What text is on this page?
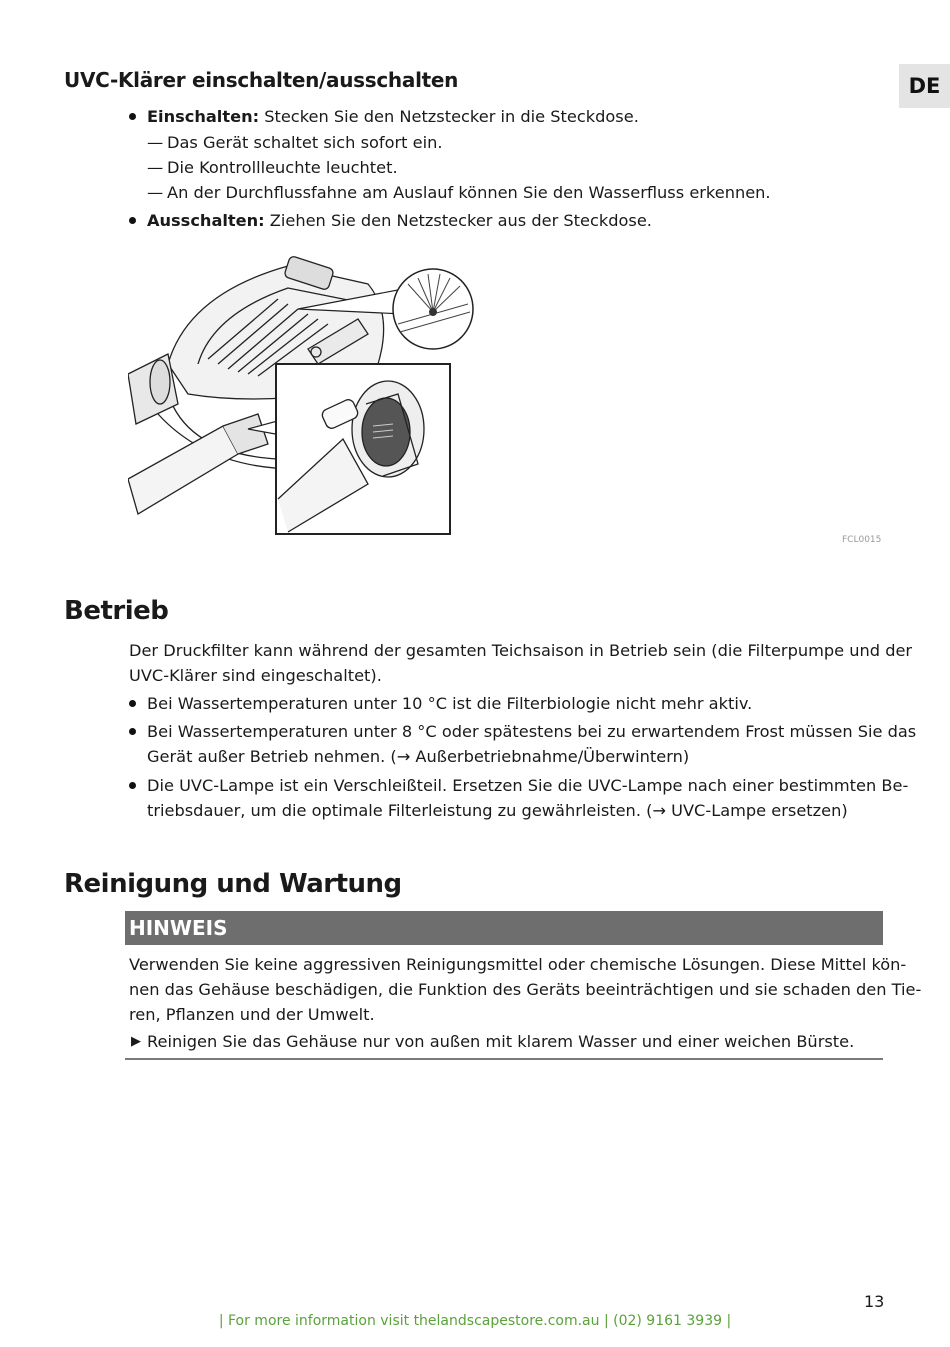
DE
UVC-Klärer einschalten/ausschalten
Einschalten: Stecken Sie den Netzstecker in die Steckdose.
— Das Gerät schaltet sich sofort ein.
— Die Kontrollleuchte leuchtet.
— An der Durchflussfahne am Auslauf können Sie den Wasserfluss erkennen.
Ausschalten: Ziehen Sie den Netzstecker aus der Steckdose.
FCL0015
Betrieb
Der Druckfilter kann während der gesamten Teichsaison in Betrieb sein (die Filterpumpe und der
UVC-Klärer sind eingeschaltet).
Bei Wassertemperaturen unter 10 °C ist die Filterbiologie nicht mehr aktiv.
Bei Wassertemperaturen unter 8 °C oder spätestens bei zu erwartendem Frost müssen Sie das
Gerät außer Betrieb nehmen. (→ Außerbetriebnahme/Überwintern)
Die UVC-Lampe ist ein Verschleißteil. Ersetzen Sie die UVC-Lampe nach einer bestimmten Be-
triebsdauer, um die optimale Filterleistung zu gewährleisten. (→ UVC-Lampe ersetzen)
Reinigung und Wartung
HINWEIS
Verwenden Sie keine aggressiven Reinigungsmittel oder chemische Lösungen. Diese Mittel kön-
nen das Gehäuse beschädigen, die Funktion des Geräts beeinträchtigen und sie schaden den Tie-
ren, Pflanzen und der Umwelt.
▶ Reinigen Sie das Gehäuse nur von außen mit klarem Wasser und einer weichen Bürste.
13
| For more information visit thelandscapestore.com.au | (02) 9161 3939 |
